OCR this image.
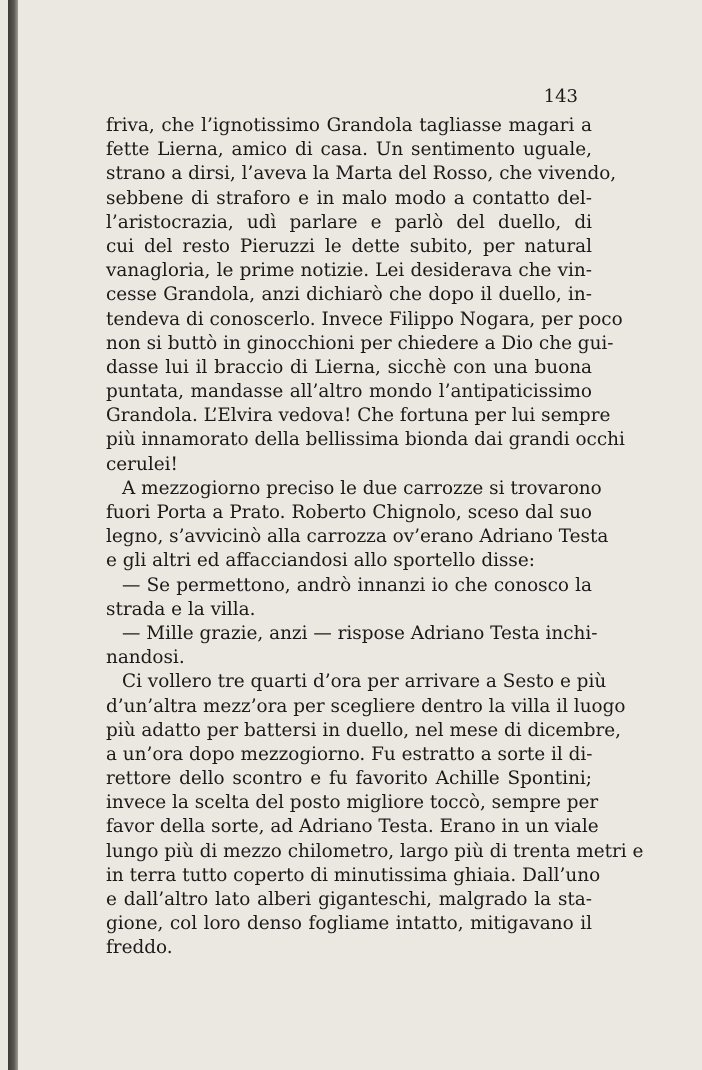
143
friva, che l’ignotissimo Grandola tagliasse magari a
fette Lierna, amico di casa. Un sentimento uguale,
strano a dirsi, l’aveva la Marta del Rosso, che vivendo,
sebbene di straforo e in malo modo a contatto del-
l’aristocrazia, udì parlare e parlò del duello, di
cui del resto Pieruzzi le dette subito, per natural
vanagloria, le prime notizie. Lei desiderava che vin-
cesse Grandola, anzi dichiarò che dopo il duello, in-
tendeva di conoscerlo. Invece Filippo Nogara, per poco
non si buttò in ginocchioni per chiedere a Dio che gui-
dasse lui il braccio di Lierna, sicchè con una buona
puntata, mandasse all’altro mondo l’antipaticissimo
Grandola. L’Elvira vedova! Che fortuna per lui sempre
più innamorato della bellissima bionda dai grandi occhi
cerulei!
A mezzogiorno preciso le due carrozze si trovarono
fuori Porta a Prato. Roberto Chignolo, sceso dal suo
legno, s’avvicinò alla carrozza ov’erano Adriano Testa
e gli altri ed affacciandosi allo sportello disse:
— Se permettono, andrò innanzi io che conosco la
strada e la villa.
— Mille grazie, anzi — rispose Adriano Testa inchi-
nandosi.
Ci vollero tre quarti d’ora per arrivare a Sesto e più
d’un’altra mezz’ora per scegliere dentro la villa il luogo
più adatto per battersi in duello, nel mese di dicembre,
a un’ora dopo mezzogiorno. Fu estratto a sorte il di-
rettore dello scontro e fu favorito Achille Spontini;
invece la scelta del posto migliore toccò, sempre per
favor della sorte, ad Adriano Testa. Erano in un viale
lungo più di mezzo chilometro, largo più di trenta metri e
in terra tutto coperto di minutissima ghiaia. Dall’uno
e dall’altro lato alberi giganteschi, malgrado la sta-
gione, col loro denso fogliame intatto, mitigavano il
freddo.
